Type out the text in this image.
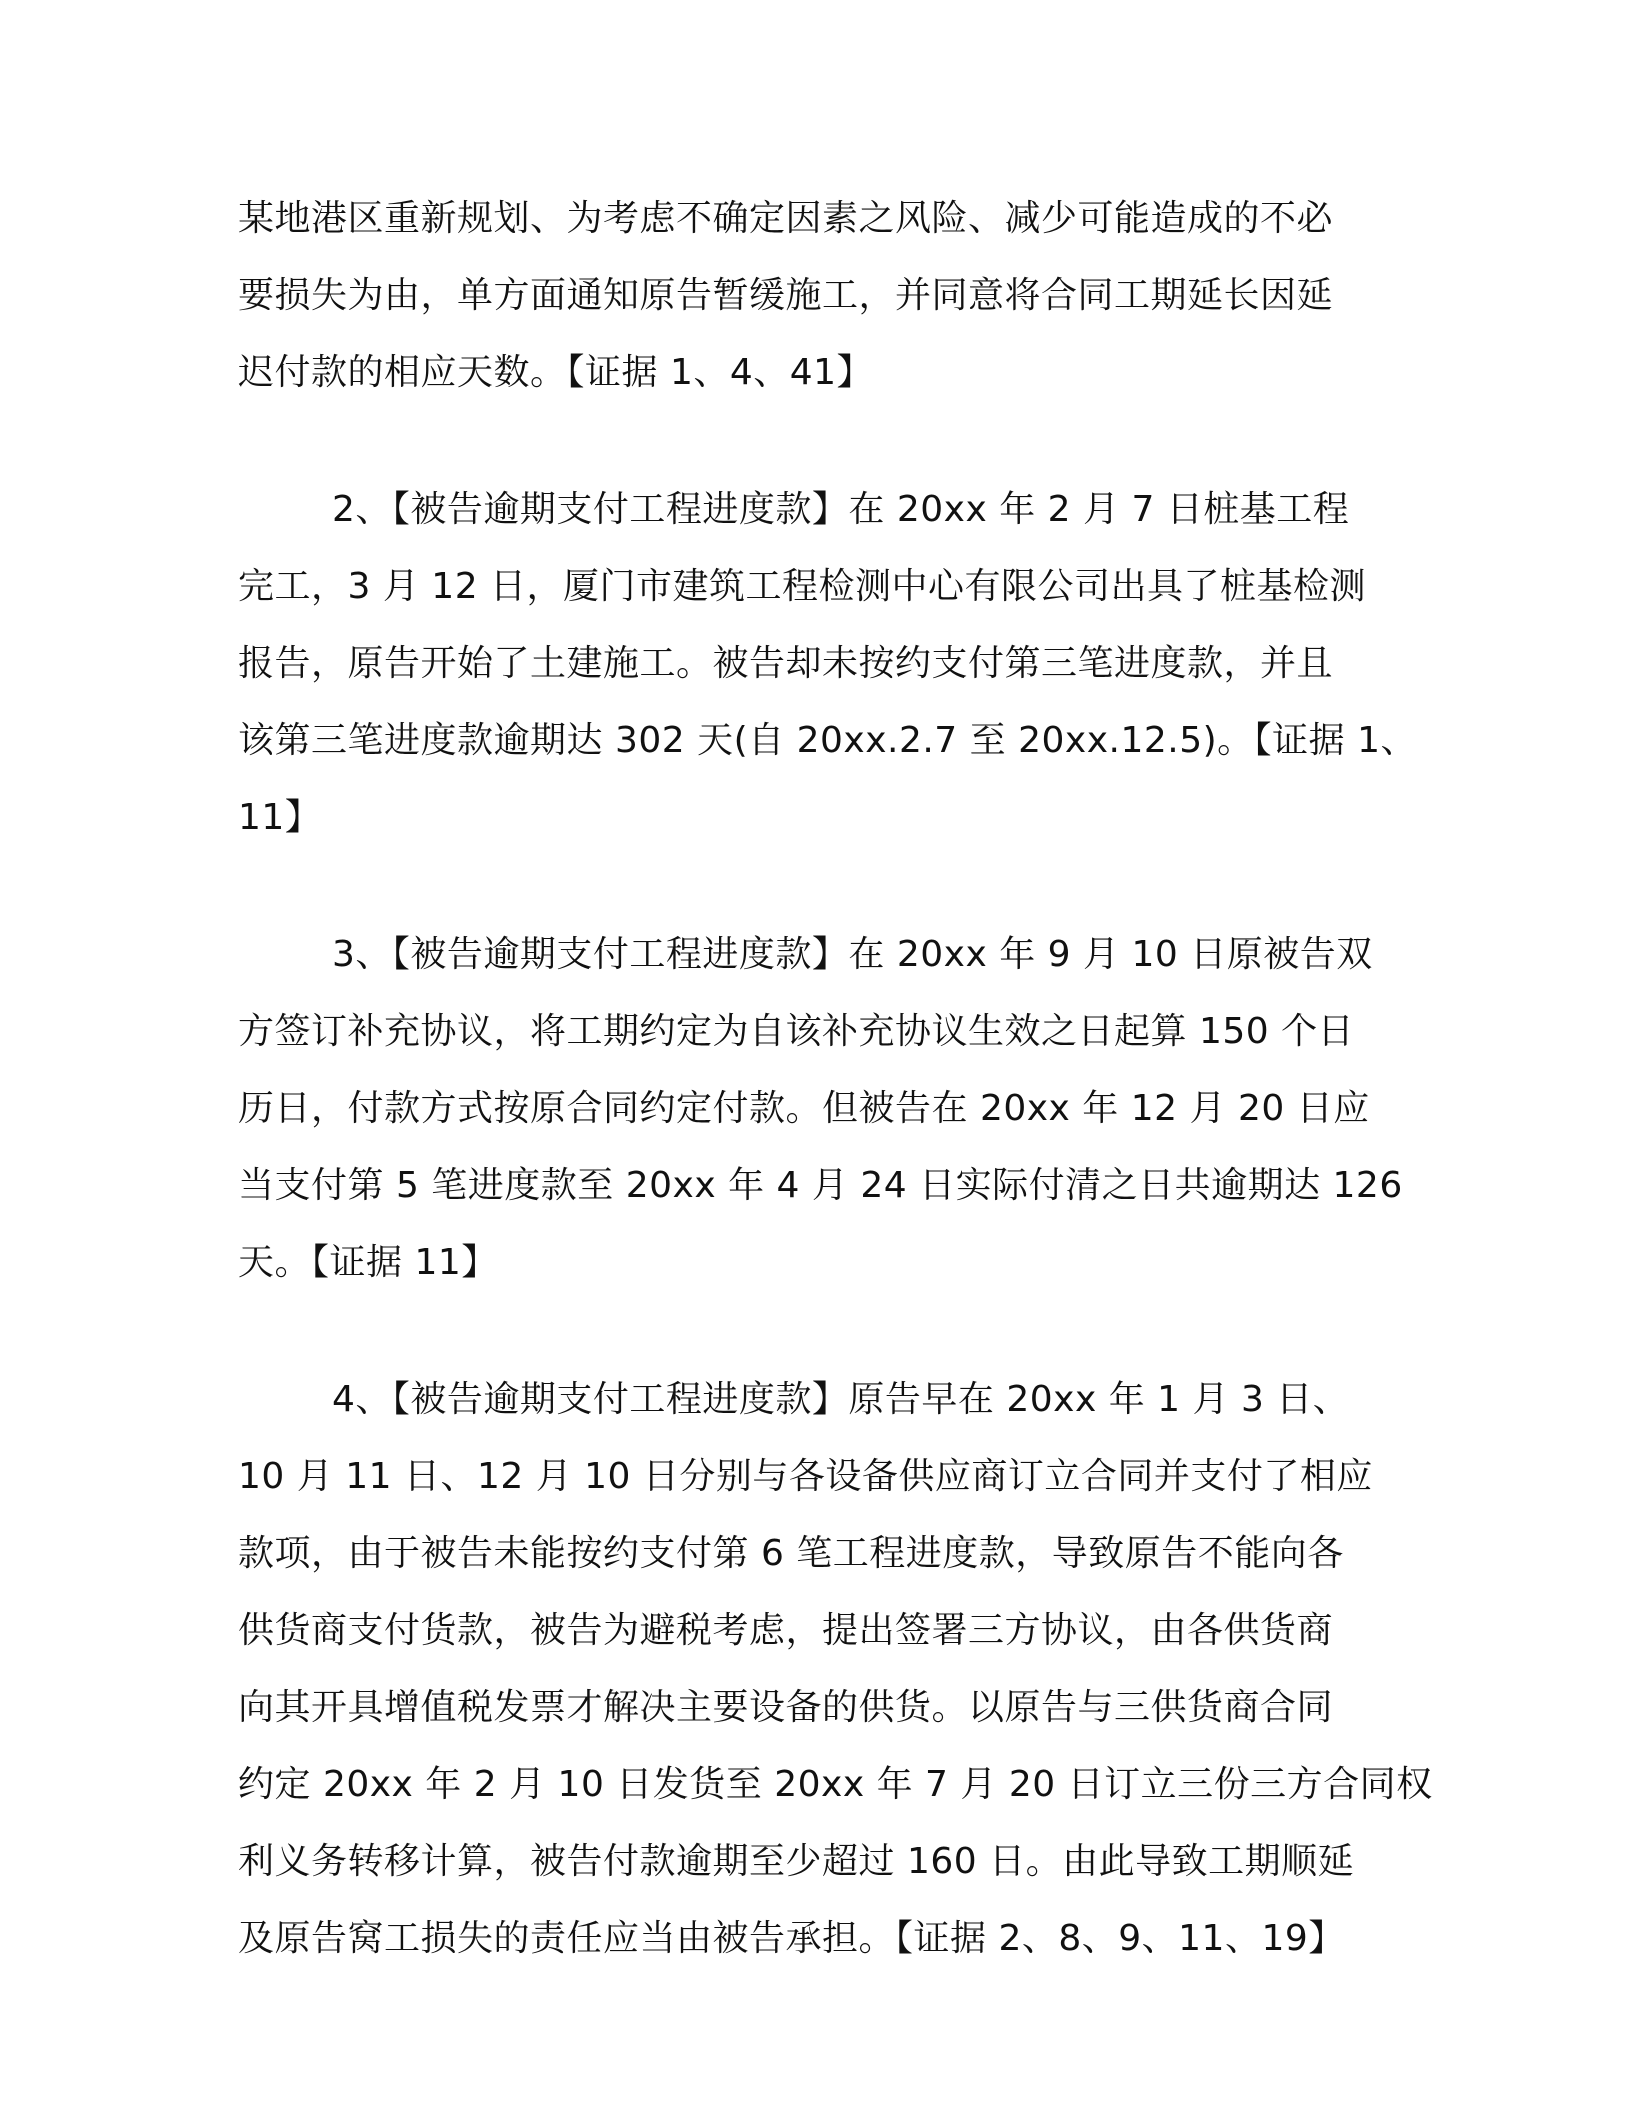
某地港区重新规划、为考虑不确定因素之风险、减少可能造成的不必
要损失为由，单方面通知原告暂缓施工，并同意将合同工期延长因延
迟付款的相应天数。【证据 1、4、41】
2、【被告逾期支付工程进度款】在 20xx 年 2 月 7 日桩基工程
完工，3 月 12 日，厦门市建筑工程检测中心有限公司出具了桩基检测
报告，原告开始了土建施工。被告却未按约支付第三笔进度款，并且
该第三笔进度款逾期达 302 天(自 20xx.2.7 至 20xx.12.5)。【证据 1、
11】
3、【被告逾期支付工程进度款】在 20xx 年 9 月 10 日原被告双
方签订补充协议，将工期约定为自该补充协议生效之日起算 150 个日
历日，付款方式按原合同约定付款。但被告在 20xx 年 12 月 20 日应
当支付第 5 笔进度款至 20xx 年 4 月 24 日实际付清之日共逾期达 126
天。【证据 11】
4、【被告逾期支付工程进度款】原告早在 20xx 年 1 月 3 日、
10 月 11 日、12 月 10 日分别与各设备供应商订立合同并支付了相应
款项，由于被告未能按约支付第 6 笔工程进度款，导致原告不能向各
供货商支付货款，被告为避税考虑，提出签署三方协议，由各供货商
向其开具增值税发票才解决主要设备的供货。以原告与三供货商合同
约定 20xx 年 2 月 10 日发货至 20xx 年 7 月 20 日订立三份三方合同权
利义务转移计算，被告付款逾期至少超过 160 日。由此导致工期顺延
及原告窝工损失的责任应当由被告承担。【证据 2、8、9、11、19】
